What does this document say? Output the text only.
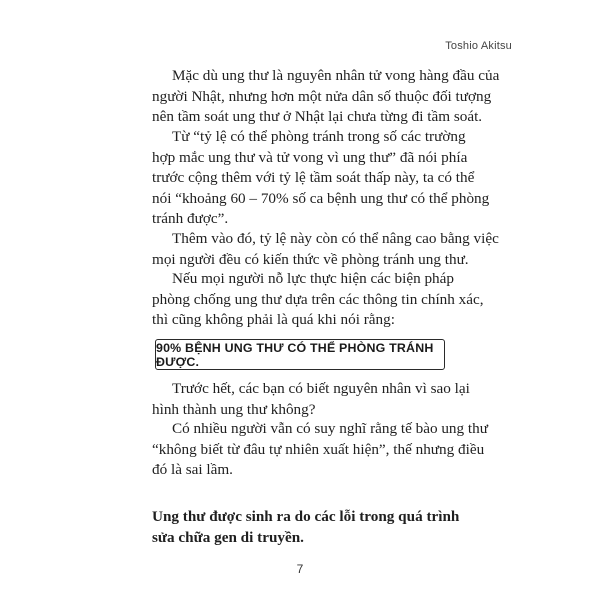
Toshio Akitsu
Mặc dù ung thư là nguyên nhân tử vong hàng đầu của
người Nhật, nhưng hơn một nửa dân số thuộc đối tượng
nên tầm soát ung thư ở Nhật lại chưa từng đi tầm soát.
Từ “tỷ lệ có thể phòng tránh trong số các trường
hợp mắc ung thư và tử vong vì ung thư” đã nói phía
trước cộng thêm với tỷ lệ tầm soát thấp này, ta có thể
nói “khoảng 60 – 70% số ca bệnh ung thư có thể phòng
tránh được”.
Thêm vào đó, tỷ lệ này còn có thể nâng cao bằng việc
mọi người đều có kiến thức về phòng tránh ung thư.
Nếu mọi người nỗ lực thực hiện các biện pháp
phòng chống ung thư dựa trên các thông tin chính xác,
thì cũng không phải là quá khi nói rằng:
90% BỆNH UNG THƯ CÓ THỂ PHÒNG TRÁNH ĐƯỢC.
Trước hết, các bạn có biết nguyên nhân vì sao lại
hình thành ung thư không?
Có nhiều người vẫn có suy nghĩ rằng tế bào ung thư
“không biết từ đâu tự nhiên xuất hiện”, thế nhưng điều
đó là sai lầm.
Ung thư được sinh ra do các lỗi trong quá trình
sửa chữa gen di truyền.
7
